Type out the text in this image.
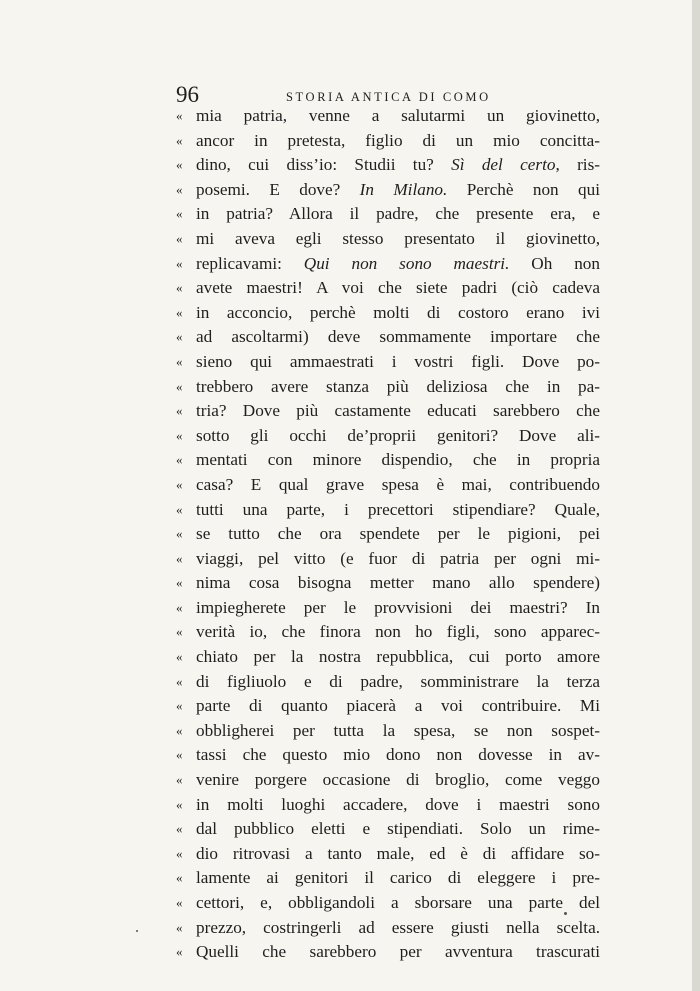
96	STORIA ANTICA DI COMO
« mia patria, venne a salutarmi un giovinetto,
« ancor in pretesta, figlio di un mio concitta-
« dino, cui diss’io: Studii tu? Sì del certo, ris-
« posemi. E dove? In Milano. Perchè non qui
« in patria? Allora il padre, che presente era, e
« mi aveva egli stesso presentato il giovinetto,
« replicavami: Qui non sono maestri. Oh non
« avete maestri! A voi che siete padri (ciò cadeva
« in acconcio, perchè molti di costoro erano ivi
« ad ascoltarmi) deve sommamente importare che
« sieno qui ammaestrati i vostri figli. Dove po-
« trebbero avere stanza più deliziosa che in pa-
« tria? Dove più castamente educati sarebbero che
« sotto gli occhi de’proprii genitori? Dove ali-
« mentati con minore dispendio, che in propria
« casa? E qual grave spesa è mai, contribuendo
« tutti una parte, i precettori stipendiare? Quale,
« se tutto che ora spendete per le pigioni, pei
« viaggi, pel vitto (e fuor di patria per ogni mi-
« nima cosa bisogna metter mano allo spendere)
« impiegherete per le provvisioni dei maestri? In
« verità io, che finora non ho figli, sono apparec-
« chiato per la nostra repubblica, cui porto amore
« di figliuolo e di padre, somministrare la terza
« parte di quanto piacerà a voi contribuire. Mi
« obbligherei per tutta la spesa, se non sospet-
« tassi che questo mio dono non dovesse in av-
« venire porgere occasione di broglio, come veggo
« in molti luoghi accadere, dove i maestri sono
« dal pubblico eletti e stipendiati. Solo un rime-
« dio ritrovasi a tanto male, ed è di affidare so-
« lamente ai genitori il carico di eleggere i pre-
« cettori, e, obbligandoli a sborsare una parte del
« prezzo, costringerli ad essere giusti nella scelta.
« Quelli che sarebbero per avventura trascurati
